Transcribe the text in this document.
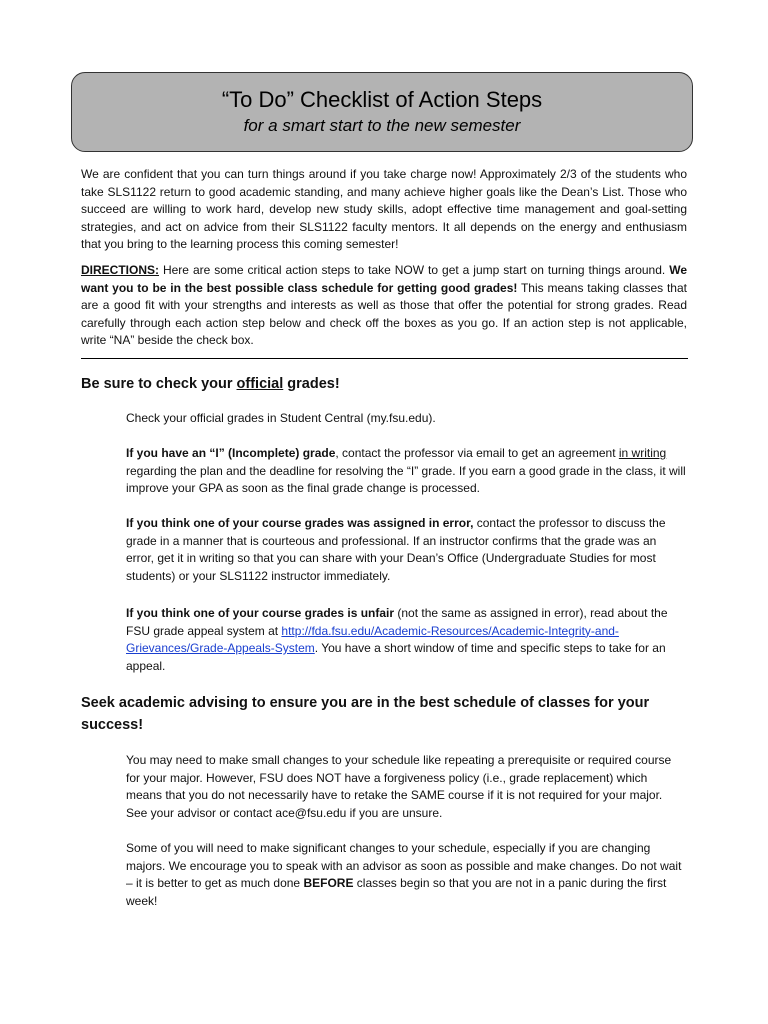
“To Do” Checklist of Action Steps
for a smart start to the new semester

We are confident that you can turn things around if you take charge now! Approximately 2/3 of the students who take SLS1122 return to good academic standing, and many achieve higher goals like the Dean’s List. Those who succeed are willing to work hard, develop new study skills, adopt effective time management and goal-setting strategies, and act on advice from their SLS1122 faculty mentors. It all depends on the energy and enthusiasm that you bring to the learning process this coming semester!

DIRECTIONS: Here are some critical action steps to take NOW to get a jump start on turning things around. We want you to be in the best possible class schedule for getting good grades! This means taking classes that are a good fit with your strengths and interests as well as those that offer the potential for strong grades. Read carefully through each action step below and check off the boxes as you go. If an action step is not applicable, write “NA” beside the check box.

Be sure to check your official grades!
Check your official grades in Student Central (my.fsu.edu).
If you have an “I” (Incomplete) grade, contact the professor via email to get an agreement in writing regarding the plan and the deadline for resolving the “I” grade. If you earn a good grade in the class, it will improve your GPA as soon as the final grade change is processed.
If you think one of your course grades was assigned in error, contact the professor to discuss the grade in a manner that is courteous and professional. If an instructor confirms that the grade was an error, get it in writing so that you can share with your Dean’s Office (Undergraduate Studies for most students) or your SLS1122 instructor immediately.
If you think one of your course grades is unfair (not the same as assigned in error), read about the FSU grade appeal system at http://fda.fsu.edu/Academic-Resources/Academic-Integrity-and-Grievances/Grade-Appeals-System. You have a short window of time and specific steps to take for an appeal.
Seek academic advising to ensure you are in the best schedule of classes for your success!
You may need to make small changes to your schedule like repeating a prerequisite or required course for your major. However, FSU does NOT have a forgiveness policy (i.e., grade replacement) which means that you do not necessarily have to retake the SAME course if it is not required for your major. See your advisor or contact ace@fsu.edu if you are unsure.
Some of you will need to make significant changes to your schedule, especially if you are changing majors. We encourage you to speak with an advisor as soon as possible and make changes. Do not wait – it is better to get as much done BEFORE classes begin so that you are not in a panic during the first week!
